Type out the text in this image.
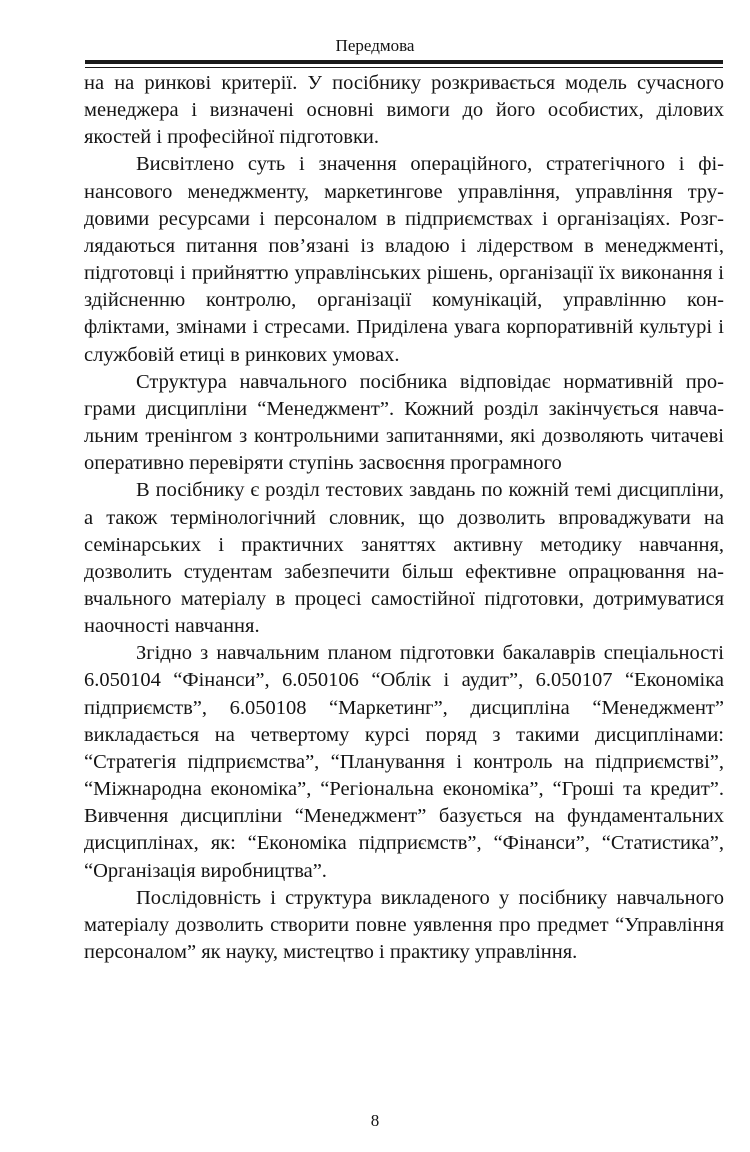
Передмова

на на ринкові критерії. У посібнику розкривається модель сучасного менеджера і визначені основні вимоги до його особистих, ділових якостей і професійної підготовки.

Висвітлено суть і значення операційного, стратегічного і фінансового менеджменту, маркетингове управління, управління трудовими ресурсами і персоналом в підприємствах і організаціях. Розглядаються питання пов’язані із владою і лідерством в менеджменті, підготовці і прийняттю управлінських рішень, організації їх виконання і здійсненню контролю, організації комунікацій, управлінню конфліктами, змінами і стресами. Приділена увага корпоративній культурі і службовій етиці в ринкових умовах.

Структура навчального посібника відповідає нормативній програми дисципліни “Менеджмент”. Кожний розділ закінчується навчальним тренінгом з контрольними запитаннями, які дозволяють читачеві оперативно перевіряти ступінь засвоєння програмного

В посібнику є розділ тестових завдань по кожній темі дисципліни, а також термінологічний словник, що дозволить впроваджувати на семінарських і практичних заняттях активну методику навчання, дозволить студентам забезпечити більш ефективне опрацювання навчального матеріалу в процесі самостійної підготовки, дотримуватися наочності навчання.

Згідно з навчальним планом підготовки бакалаврів спеціальності 6.050104 “Фінанси”, 6.050106 “Облік і аудит”, 6.050107 “Економіка підприємств”, 6.050108 “Маркетинг”, дисципліна “Менеджмент” викладається на четвертому курсі поряд з такими дисциплінами: “Стратегія підприємства”, “Планування і контроль на підприємстві”, “Міжнародна економіка”, “Регіональна економіка”, “Гроші та кредит”. Вивчення дисципліни “Менеджмент” базується на фундаментальних дисциплінах, як: “Економіка підприємств”, “Фінанси”, “Статистика”, “Організація виробництва”.

Послідовність і структура викладеного у посібнику навчального матеріалу дозволить створити повне уявлення про предмет “Управління персоналом” як науку, мистецтво і практику управління.

8
